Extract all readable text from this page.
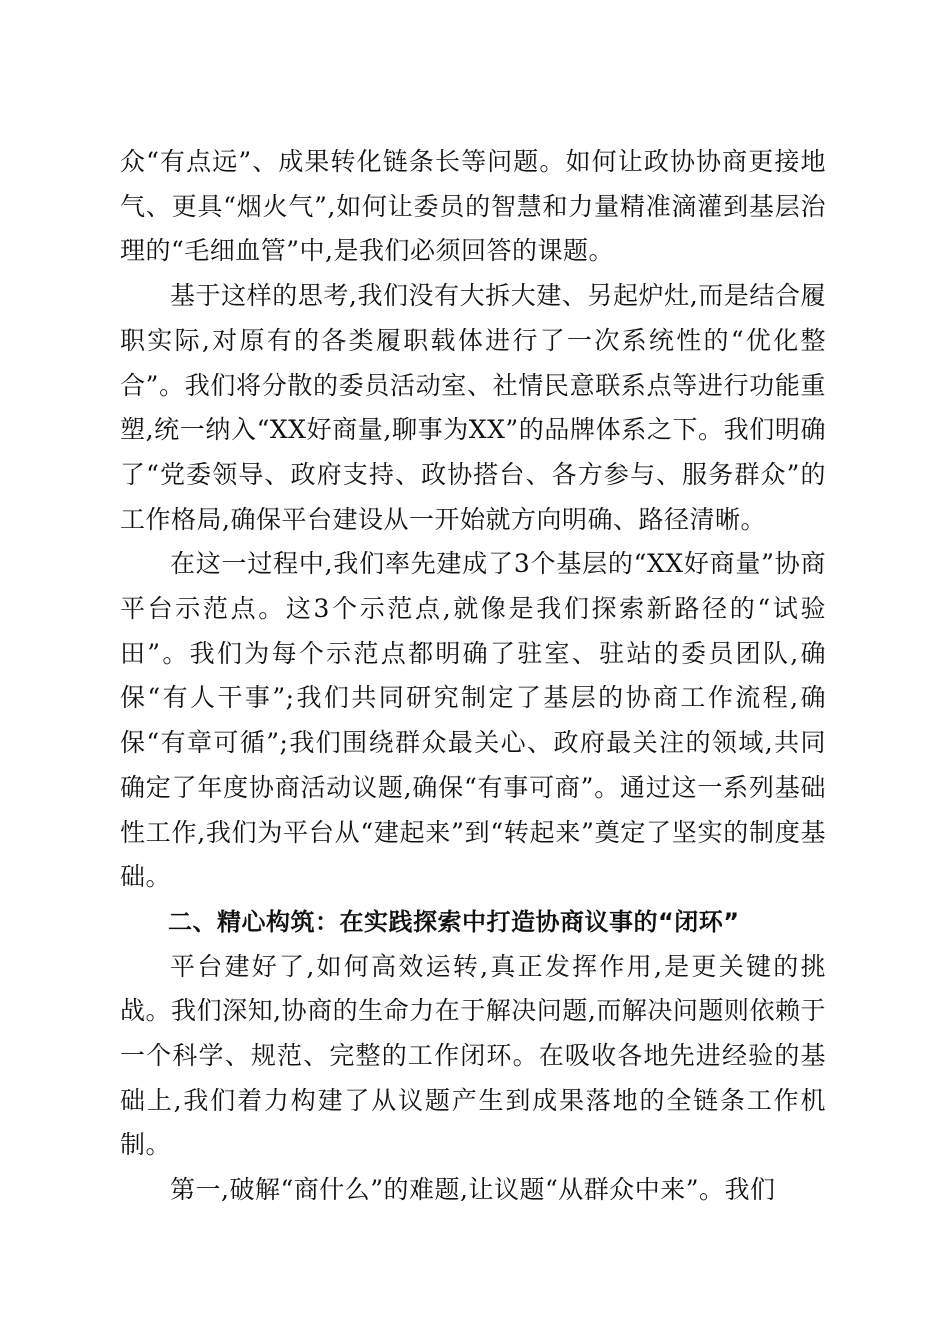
众“有点远”、成果转化链条长等问题。如何让政协协商更接地气、更具“烟火气”,如何让委员的智慧和力量精准滴灌到基层治理的“毛细血管”中,是我们必须回答的课题。

基于这样的思考,我们没有大拆大建、另起炉灶,而是结合履职实际,对原有的各类履职载体进行了一次系统性的“优化整合”。我们将分散的委员活动室、社情民意联系点等进行功能重塑,统一纳入“XX好商量,聊事为XX”的品牌体系之下。我们明确了“党委领导、政府支持、政协搭台、各方参与、服务群众”的工作格局,确保平台建设从一开始就方向明确、路径清晰。

在这一过程中,我们率先建成了3个基层的“XX好商量”协商平台示范点。这3个示范点,就像是我们探索新路径的“试验田”。我们为每个示范点都明确了驻室、驻站的委员团队,确保“有人干事”;我们共同研究制定了基层的协商工作流程,确保“有章可循”;我们围绕群众最关心、政府最关注的领域,共同确定了年度协商活动议题,确保“有事可商”。通过这一系列基础性工作,我们为平台从“建起来”到“转起来”奠定了坚实的制度基础。

二、精心构筑：在实践探索中打造协商议事的“闭环”

平台建好了,如何高效运转,真正发挥作用,是更关键的挑战。我们深知,协商的生命力在于解决问题,而解决问题则依赖于一个科学、规范、完整的工作闭环。在吸收各地先进经验的基础上,我们着力构建了从议题产生到成果落地的全链条工作机制。

第一,破解“商什么”的难题,让议题“从群众中来”。我们
